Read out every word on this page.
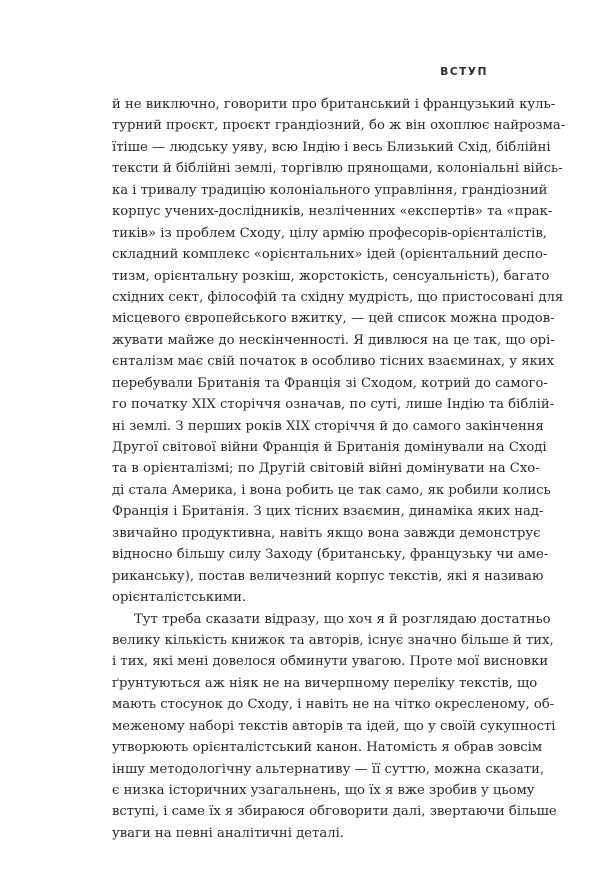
ВСТУП
й не виключно, говорити про британський і французький куль-
турний проєкт, проєкт грандіозний, бо ж він охоплює найрозма-
їтіше — людську уяву, всю Індію і весь Близький Схід, біблійні
тексти й біблійні землі, торгівлю прянощами, колоніальні війсь-
ка і тривалу традицію колоніального управління, грандіозний
корпус учених-дослідників, незліченних «експертів» та «прак-
тиків» із проблем Сходу, цілу армію професорів-орієнталістів,
складний комплекс «орієнтальних» ідей (орієнтальний деспо-
тизм, орієнтальну розкіш, жорстокість, сенсуальність), багато
східних сект, філософій та східну мудрість, що пристосовані для
місцевого європейського вжитку, — цей список можна продов-
жувати майже до нескінченності. Я дивлюся на це так, що орі-
єнталізм має свій початок в особливо тісних взаєминах, у яких
перебували Британія та Франція зі Сходом, котрий до самого-
го початку XIX сторіччя означав, по суті, лише Індію та біблій-
ні землі. З перших років XIX сторіччя й до самого закінчення
Другої світової війни Франція й Британія домінували на Сході
та в орієнталізмі; по Другій світовій війні домінувати на Схо-
ді стала Америка, і вона робить це так само, як робили колись
Франція і Британія. З цих тісних взаємин, динаміка яких над-
звичайно продуктивна, навіть якщо вона завжди демонструє
відносно більшу силу Заходу (британську, французьку чи аме-
риканську), постав величезний корпус текстів, які я називаю
орієнталістськими.
Тут треба сказати відразу, що хоч я й розглядаю достатньо
велику кількість книжок та авторів, існує значно більше й тих,
і тих, які мені довелося обминути увагою. Проте мої висновки
ґрунтуються аж ніяк не на вичерпному переліку текстів, що
мають стосунок до Сходу, і навіть не на чітко окресленому, об-
меженому наборі текстів авторів та ідей, що у своїй сукупності
утворюють орієнталістський канон. Натомість я обрав зовсім
іншу методологічну альтернативу — її суттю, можна сказати,
є низка історичних узагальнень, що їх я вже зробив у цьому
вступі, і саме їх я збираюся обговорити далі, звертаючи більше
уваги на певні аналітичні деталі.
